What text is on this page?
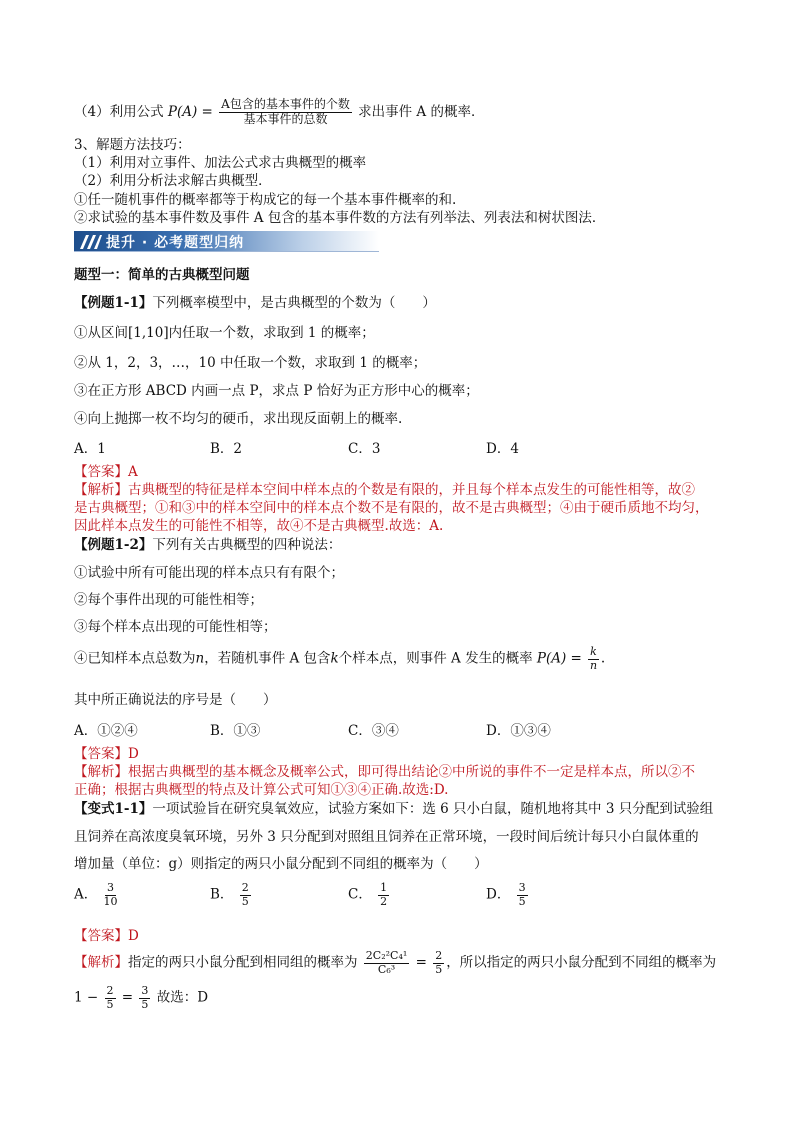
（4）利用公式 $P(A) = \frac{\text{A包含的基本事件的个数}}{\text{基本事件的总数}}$ 求出事件 A 的概率．
3、解题方法技巧：
（1）利用对立事件、加法公式求古典概型的概率
（2）利用分析法求解古典概型．
①任一随机事件的概率都等于构成它的每一个基本事件概率的和.
②求试验的基本事件数及事件 A 包含的基本事件数的方法有列举法、列表法和树状图法．
提升 · 必考题型归纳
题型一：简单的古典概型问题
【例题1-1】下列概率模型中，是古典概型的个数为（　　）
①从区间[1,10]内任取一个数，求取到 1 的概率；
②从 1，2，3，…，10 中任取一个数，求取到 1 的概率；
③在正方形 ABCD 内画一点 P，求点 P 恰好为正方形中心的概率；
④向上抛掷一枚不均匀的硬币，求出现反面朝上的概率.
A．1	B．2	C．3	D．4
【答案】A
【解析】古典概型的特征是样本空间中样本点的个数是有限的，并且每个样本点发生的可能性相等，故②
是古典概型；①和③中的样本空间中的样本点个数不是有限的，故不是古典概型；④由于硬币质地不均匀，
因此样本点发生的可能性不相等，故④不是古典概型.故选：A.
【例题1-2】下列有关古典概型的四种说法：
①试验中所有可能出现的样本点只有有限个；
②每个事件出现的可能性相等；
③每个样本点出现的可能性相等；
④已知样本点总数为n，若随机事件 A 包含k个样本点，则事件 A 发生的概率 $P(A) = \frac{k}{n}$ .
其中所正确说法的序号是（　　）
A．①②④	B．①③	C．③④	D．①③④
【答案】D
【解析】根据古典概型的基本概念及概率公式，即可得出结论②中所说的事件不一定是样本点，所以②不
正确；根据古典概型的特点及计算公式可知①③④正确.故选:D.
【变式1-1】一项试验旨在研究臭氧效应，试验方案如下：选 6 只小白鼠，随机地将其中 3 只分配到试验组
且饲养在高浓度臭氧环境，另外 3 只分配到对照组且饲养在正常环境，一段时间后统计每只小白鼠体重的
增加量（单位：g）则指定的两只小鼠分配到不同组的概率为（　　）
A． $\frac{3}{10}$	B． $\frac{2}{5}$	C． $\frac{1}{2}$	D． $\frac{3}{5}$
【答案】D
【解析】指定的两只小鼠分配到相同组的概率为 $\frac{\text{2C₂²C₄¹}}{\text{C₆³}} = \frac{2}{5}$ ，所以指定的两只小鼠分配到不同组的概率为
$1 - \frac{2}{5} = \frac{3}{5}$ 故选：D
